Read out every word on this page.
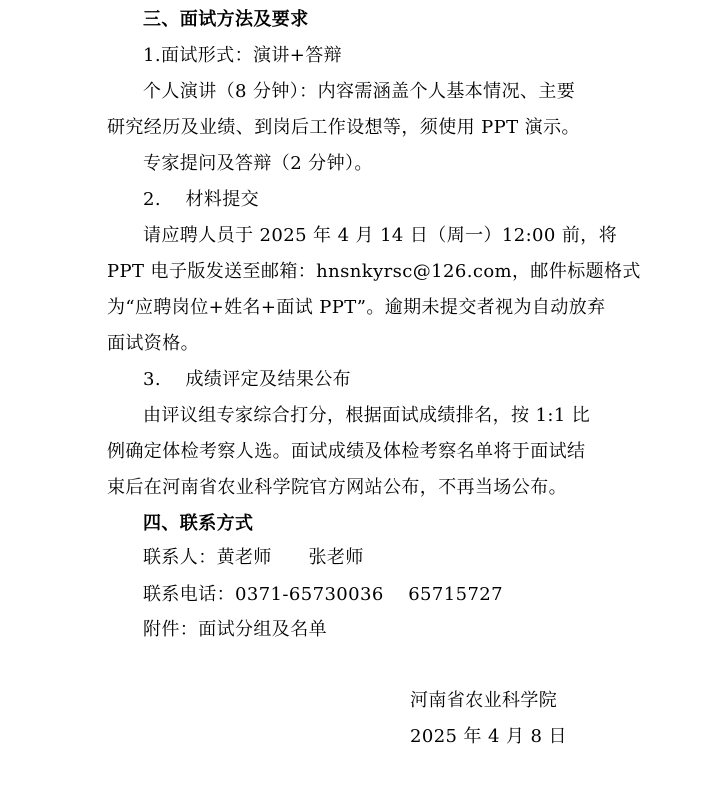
三、面试方法及要求
1.面试形式：演讲+答辩
个人演讲（8 分钟）：内容需涵盖个人基本情况、主要
研究经历及业绩、到岗后工作设想等，须使用 PPT 演示。
专家提问及答辩（2 分钟）。
2.    材料提交
请应聘人员于 2025 年 4 月 14 日（周一）12:00 前，将
PPT 电子版发送至邮箱：hnsnkyrsc@126.com，邮件标题格式
为“应聘岗位+姓名+面试 PPT”。逾期未提交者视为自动放弃
面试资格。
3.    成绩评定及结果公布
由评议组专家综合打分，根据面试成绩排名，按 1:1 比
例确定体检考察人选。面试成绩及体检考察名单将于面试结
束后在河南省农业科学院官方网站公布，不再当场公布。
四、联系方式
联系人：黄老师      张老师
联系电话：0371-65730036    65715727
附件：面试分组及名单
河南省农业科学院
2025 年 4 月 8 日
